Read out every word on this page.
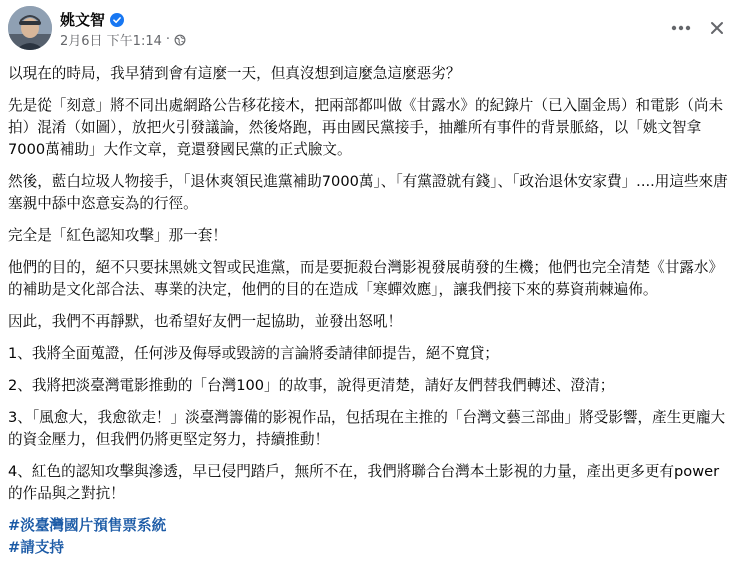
姚文智
2月6日 下午1:14 ·

以現在的時局，我早猜到會有這麼一天，但真沒想到這麼急這麼惡劣？

先是從「刻意」將不同出處網路公告移花接木，把兩部都叫做《甘露水》的紀錄片（已入圍金馬）和電影（尚未拍）混淆（如圖），放把火引發議論，然後烙跑，再由國民黨接手，抽離所有事件的背景脈絡，以「姚文智拿7000萬補助」大作文章，竟還發國民黨的正式臉文。

然後，藍白垃圾人物接手，「退休爽領民進黨補助7000萬」、「有黨證就有錢」、「政治退休安家費」....用這些來唐塞親中舔中恣意妄為的行徑。

完全是「紅色認知攻擊」那一套！

他們的目的，絕不只要抹黑姚文智或民進黨，而是要扼殺台灣影視發展萌發的生機；他們也完全清楚《甘露水》的補助是文化部合法、專業的決定，他們的目的在造成「寒蟬效應」，讓我們接下來的募資荊棘遍佈。

因此，我們不再靜默，也希望好友們一起協助，並發出怒吼！

1、我將全面蒐證，任何涉及侮辱或毀謗的言論將委請律師提告，絕不寬貸；

2、我將把淡臺灣電影推動的「台灣100」的故事，說得更清楚，請好友們替我們轉述、澄清；

3、「風愈大，我愈欲走！」淡臺灣籌備的影視作品，包括現在主推的「台灣文藝三部曲」將受影響，產生更龐大的資金壓力，但我們仍將更堅定努力，持續推動！

4、紅色的認知攻擊與滲透，早已侵門踏戶，無所不在，我們將聯合台灣本土影視的力量，產出更多更有power的作品與之對抗！

#淡臺灣國片預售票系統
#請支持
